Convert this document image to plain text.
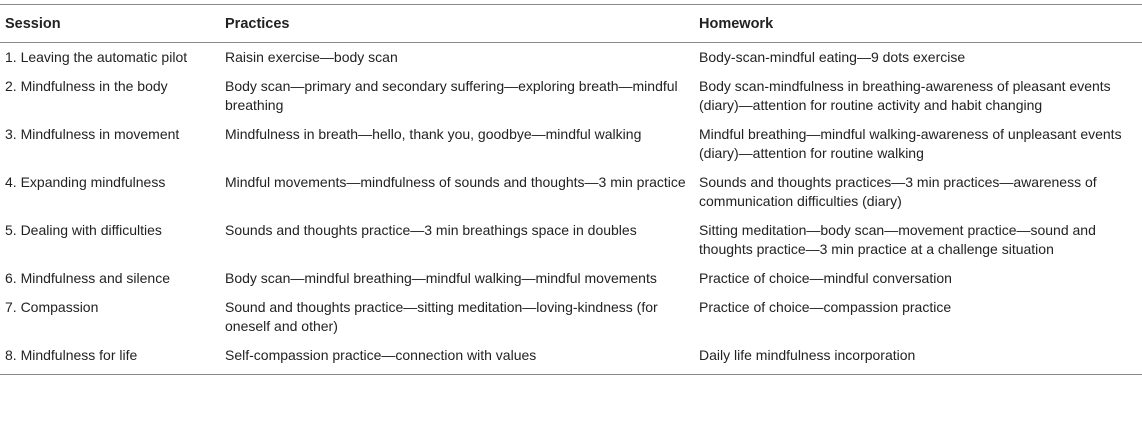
Session	Practices	Homework
1. Leaving the automatic pilot	Raisin exercise—body scan	Body-scan-mindful eating—9 dots exercise
2. Mindfulness in the body	Body scan—primary and secondary suffering—exploring breath—mindful breathing	Body scan-mindfulness in breathing-awareness of pleasant events (diary)—attention for routine activity and habit changing
3. Mindfulness in movement	Mindfulness in breath—hello, thank you, goodbye—mindful walking	Mindful breathing—mindful walking-awareness of unpleasant events (diary)—attention for routine walking
4. Expanding mindfulness	Mindful movements—mindfulness of sounds and thoughts—3 min practice	Sounds and thoughts practices—3 min practices—awareness of communication difficulties (diary)
5. Dealing with difficulties	Sounds and thoughts practice—3 min breathings space in doubles	Sitting meditation—body scan—movement practice—sound and thoughts practice—3 min practice at a challenge situation
6. Mindfulness and silence	Body scan—mindful breathing—mindful walking—mindful movements	Practice of choice—mindful conversation
7. Compassion	Sound and thoughts practice—sitting meditation—loving-kindness (for oneself and other)	Practice of choice—compassion practice
8. Mindfulness for life	Self-compassion practice—connection with values	Daily life mindfulness incorporation
